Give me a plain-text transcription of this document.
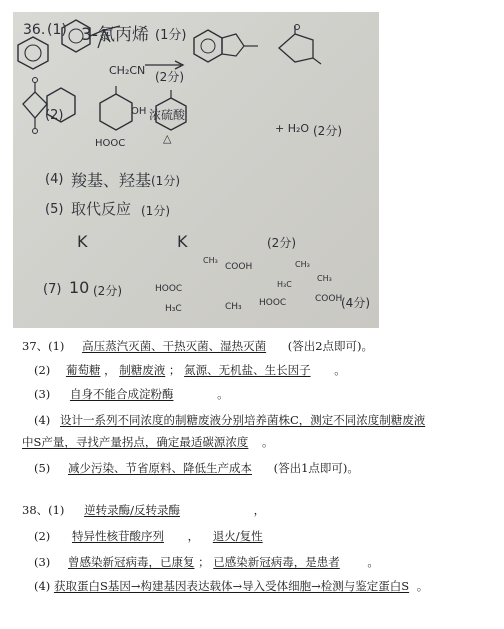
36. (1) 3-氯丙烯 (1分)

CH₂CN (2分)
(2)
	OH
HOOC
浓硫酸

△

+ H₂O (2分)
(4) 羧基、羟基 (1分)
(5) 取代反应 (1分)
K
	K
	(2分)
(7) 10 (2分)	HOOC

CH₃
COOH
CH₃
H₃C
HOOC
CH₃
CH₃
COOH
H₃C
(4分)
37、(1) 高压蒸汽灭菌、干热灭菌、湿热灭菌 (答出2点即可)。
(2) 葡萄糖 ， 制糖废液 ； 氮源、无机盐、生长因子 。
(3) 自身不能合成淀粉酶	。
(4) 设计一系列不同浓度的制糖废液分别培养菌株C，测定不同浓度制糖废液
中S产量，寻找产量拐点，确定最适碳源浓度 。
(5) 减少污染、节省原料、降低生产成本 (答出1点即可)。
38、(1) 逆转录酶/反转录酶	，
(2) 特异性核苷酸序列 ， 退火/复性
(3) 曾感染新冠病毒，已康复 ； 已感染新冠病毒，是患者 。
(4) 获取蛋白S基因→构建基因表达载体→导入受体细胞→检测与鉴定蛋白S 。
